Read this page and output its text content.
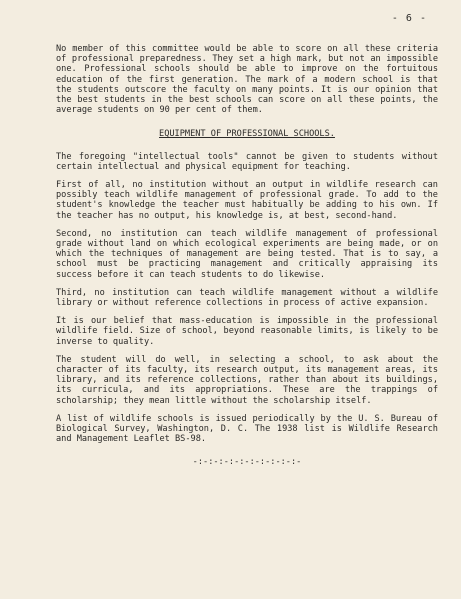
- 6 -

No member of this committee would be able to score on all these criteria of professional preparedness. They set a high mark, but not an impossible one. Professional schools should be able to improve on the fortuitous education of the first generation. The mark of a modern school is that the students outscore the faculty on many points. It is our opinion that the best students in the best schools can score on all these points, the average students on 90 per cent of them.

EQUIPMENT OF PROFESSIONAL SCHOOLS.

The foregoing "intellectual tools" cannot be given to students without certain intellectual and physical equipment for teaching.

First of all, no institution without an output in wildlife research can possibly teach wildlife management of professional grade. To add to the student's knowledge the teacher must habitually be adding to his own. If the teacher has no output, his knowledge is, at best, second-hand.

Second, no institution can teach wildlife management of professional grade without land on which ecological experiments are being made, or on which the techniques of management are being tested. That is to say, a school must be practicing management and critically appraising its success before it can teach students to do likewise.

Third, no institution can teach wildlife management without a wildlife library or without reference collections in process of active expansion.

It is our belief that mass-education is impossible in the professional wildlife field. Size of school, beyond reasonable limits, is likely to be inverse to quality.

The student will do well, in selecting a school, to ask about the character of its faculty, its research output, its management areas, its library, and its reference collections, rather than about its buildings, its curricula, and its appropriations. These are the trappings of scholarship; they mean little without the scholarship itself.

A list of wildlife schools is issued periodically by the U. S. Bureau of Biological Survey, Washington, D. C. The 1938 list is Wildlife Research and Management Leaflet BS-98.

-:-:-:-:-:-:-:-:-:-:-
